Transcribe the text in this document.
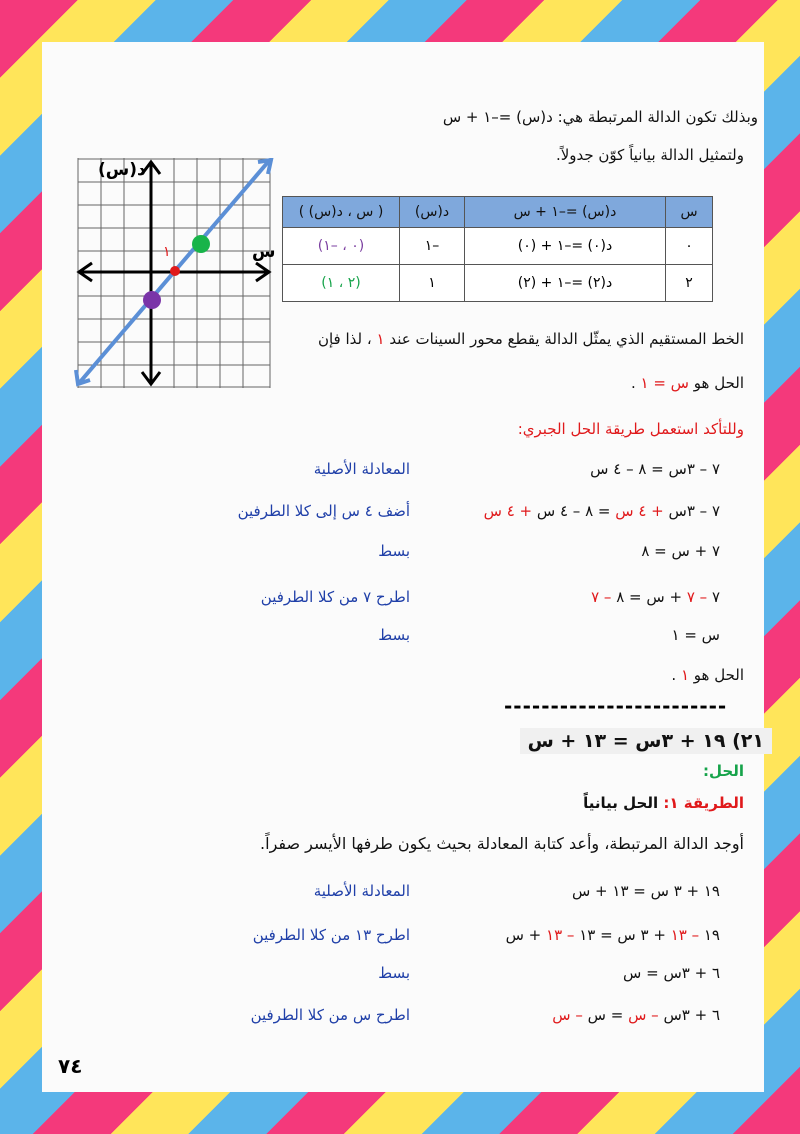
وبذلك تكون الدالة المرتبطة هي: د(س) =–١ + س
ولتمثيل الدالة بيانياً كوّن جدولاً.
د(س)
س
١
س	د(س) =–١ + س	د(س)	( س ، د(س) )
٠	د(٠) =–١ + (٠)	–١	(٠ ، –١)
٢	د(٢) =–١ + (٢)	١	(٢ ، ١)
الخط المستقيم الذي يمثّل الدالة يقطع محور السينات عند ١ ، لذا فإن
الحل هو س = ١ .
وللتأكد استعمل طريقة الحل الجبري:
٧ – ٣س = ٨ – ٤ س
المعادلة الأصلية
٧ – ٣س + ٤ س = ٨ – ٤ س + ٤ س
أضف ٤ س إلى كلا الطرفين
٧ + س = ٨
بسط
٧ – ٧ + س = ٨ – ٧
اطرح ٧ من كلا الطرفين
س = ١
بسط
الحل هو ١ .
------------------------
٢١) ١٩ + ٣س = ١٣ + س
الحل:
الطريقة ١: الحل بيانياً
أوجد الدالة المرتبطة، وأعد كتابة المعادلة بحيث يكون طرفها الأيسر صفراً.
١٩ + ٣ س = ١٣ + س
المعادلة الأصلية
١٩ – ١٣ + ٣ س = ١٣ – ١٣ + س
اطرح ١٣ من كلا الطرفين
٦ + ٣س = س
بسط
٦ + ٣س – س = س – س
اطرح س من كلا الطرفين
٧٤
